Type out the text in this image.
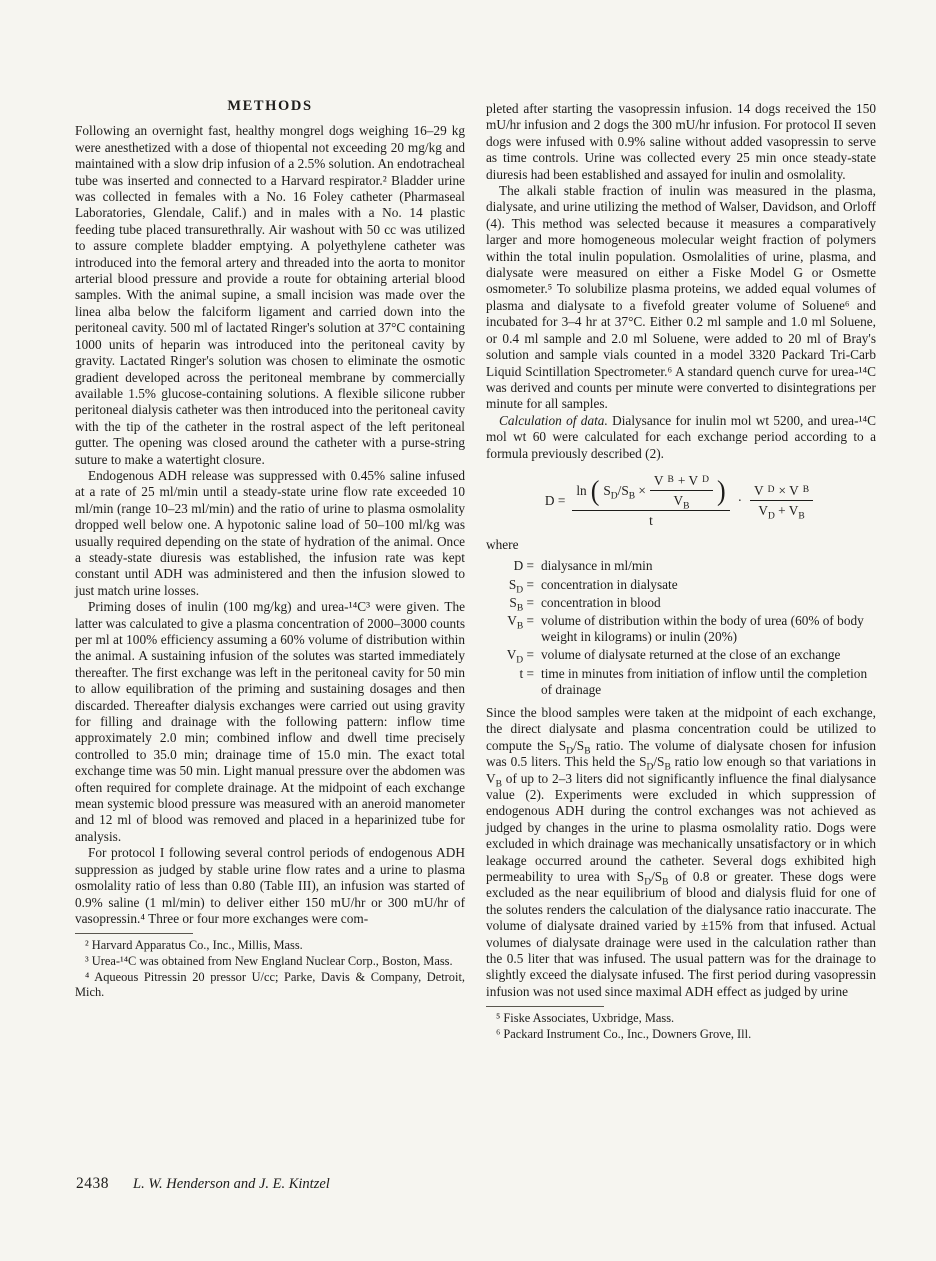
METHODS

Following an overnight fast, healthy mongrel dogs weighing 16–29 kg were anesthetized with a dose of thiopental not exceeding 20 mg/kg and maintained with a slow drip infusion of a 2.5% solution. An endotracheal tube was inserted and connected to a Harvard respirator.² Bladder urine was collected in females with a No. 16 Foley catheter (Pharmaseal Laboratories, Glendale, Calif.) and in males with a No. 14 plastic feeding tube placed transurethrally. Air washout with 50 cc was utilized to assure complete bladder emptying. A polyethylene catheter was introduced into the femoral artery and threaded into the aorta to monitor arterial blood pressure and provide a route for obtaining arterial blood samples. With the animal supine, a small incision was made over the linea alba below the falciform ligament and carried down into the peritoneal cavity. 500 ml of lactated Ringer's solution at 37°C containing 1000 units of heparin was introduced into the peritoneal cavity by gravity. Lactated Ringer's solution was chosen to eliminate the osmotic gradient developed across the peritoneal membrane by commercially available 1.5% glucose-containing solutions. A flexible silicone rubber peritoneal dialysis catheter was then introduced into the peritoneal cavity with the tip of the catheter in the rostral aspect of the left peritoneal gutter. The opening was closed around the catheter with a purse-string suture to make a watertight closure.

Endogenous ADH release was suppressed with 0.45% saline infused at a rate of 25 ml/min until a steady-state urine flow rate exceeded 10 ml/min (range 10–23 ml/min) and the ratio of urine to plasma osmolality dropped well below one. A hypotonic saline load of 50–100 ml/kg was usually required depending on the state of hydration of the animal. Once a steady-state diuresis was established, the infusion rate was kept constant until ADH was administered and then the infusion slowed to just match urine losses.

Priming doses of inulin (100 mg/kg) and urea-¹⁴C³ were given. The latter was calculated to give a plasma concentration of 2000–3000 counts per ml at 100% efficiency assuming a 60% volume of distribution within the animal. A sustaining infusion of the solutes was started immediately thereafter. The first exchange was left in the peritoneal cavity for 50 min to allow equilibration of the priming and sustaining dosages and then discarded. Thereafter dialysis exchanges were carried out using gravity for filling and drainage with the following pattern: inflow time approximately 2.0 min; combined inflow and dwell time precisely controlled to 35.0 min; drainage time of 15.0 min. The exact total exchange time was 50 min. Light manual pressure over the abdomen was often required for complete drainage. At the midpoint of each exchange mean systemic blood pressure was measured with an aneroid manometer and 12 ml of blood was removed and placed in a heparinized tube for analysis.

For protocol I following several control periods of endogenous ADH suppression as judged by stable urine flow rates and a urine to plasma osmolality ratio of less than 0.80 (Table III), an infusion was started of 0.9% saline (1 ml/min) to deliver either 150 mU/hr or 300 mU/hr of vasopressin.⁴ Three or four more exchanges were com-

² Harvard Apparatus Co., Inc., Millis, Mass.

³ Urea-¹⁴C was obtained from New England Nuclear Corp., Boston, Mass.

⁴ Aqueous Pitressin 20 pressor U/cc; Parke, Davis & Company, Detroit, Mich.

pleted after starting the vasopressin infusion. 14 dogs received the 150 mU/hr infusion and 2 dogs the 300 mU/hr infusion. For protocol II seven dogs were infused with 0.9% saline without added vasopressin to serve as time controls. Urine was collected every 25 min once steady-state diuresis had been established and assayed for inulin and osmolality.

The alkali stable fraction of inulin was measured in the plasma, dialysate, and urine utilizing the method of Walser, Davidson, and Orloff (4). This method was selected because it measures a comparatively larger and more homogeneous molecular weight fraction of polymers within the total inulin population. Osmolalities of urine, plasma, and dialysate were measured on either a Fiske Model G or Osmette osmometer.⁵ To solubilize plasma proteins, we added equal volumes of plasma and dialysate to a fivefold greater volume of Soluene⁶ and incubated for 3–4 hr at 37°C. Either 0.2 ml sample and 1.0 ml Soluene, or 0.4 ml sample and 2.0 ml Soluene, were added to 20 ml of Bray's solution and sample vials counted in a model 3320 Packard Tri-Carb Liquid Scintillation Spectrometer.⁶ A standard quench curve for urea-¹⁴C was derived and counts per minute were converted to disintegrations per minute for all samples.

Calculation of data. Dialysance for inulin mol wt 5200, and urea-¹⁴C mol wt 60 were calculated for each exchange period according to a formula previously described (2).

D =
ln ( $S_D/S_B \times \frac{\text{V B + V D}}{V_B}$ )
t
· $\frac{\text{V D × V B}}{V_D + V_B}$

where

D = dialysance in ml/min
$S_D$ = concentration in dialysate
$S_B$ = concentration in blood
$V_B$ = volume of distribution within the body of urea (60% of body weight in kilograms) or inulin (20%)
$V_D$ = volume of dialysate returned at the close of an exchange
t = time in minutes from initiation of inflow until the completion of drainage

Since the blood samples were taken at the midpoint of each exchange, the direct dialysate and plasma concentration could be utilized to compute the $S_D/S_B$ ratio. The volume of dialysate chosen for infusion was 0.5 liters. This held the $S_D/S_B$ ratio low enough so that variations in $V_B$ of up to 2–3 liters did not significantly influence the final dialysance value (2). Experiments were excluded in which suppression of endogenous ADH during the control exchanges was not achieved as judged by changes in the urine to plasma osmolality ratio. Dogs were excluded in which drainage was mechanically unsatisfactory or in which leakage occurred around the catheter. Several dogs exhibited high permeability to urea with $S_D/S_B$ of 0.8 or greater. These dogs were excluded as the near equilibrium of blood and dialysis fluid for one of the solutes renders the calculation of the dialysance ratio inaccurate. The volume of dialysate drained varied by ±15% from that infused. Actual volumes of dialysate drainage were used in the calculation rather than the 0.5 liter that was infused. The usual pattern was for the drainage to slightly exceed the dialysate infused. The first period during vasopressin infusion was not used since maximal ADH effect as judged by urine

⁵ Fiske Associates, Uxbridge, Mass.

⁶ Packard Instrument Co., Inc., Downers Grove, Ill.

2438 L. W. Henderson and J. E. Kintzel
